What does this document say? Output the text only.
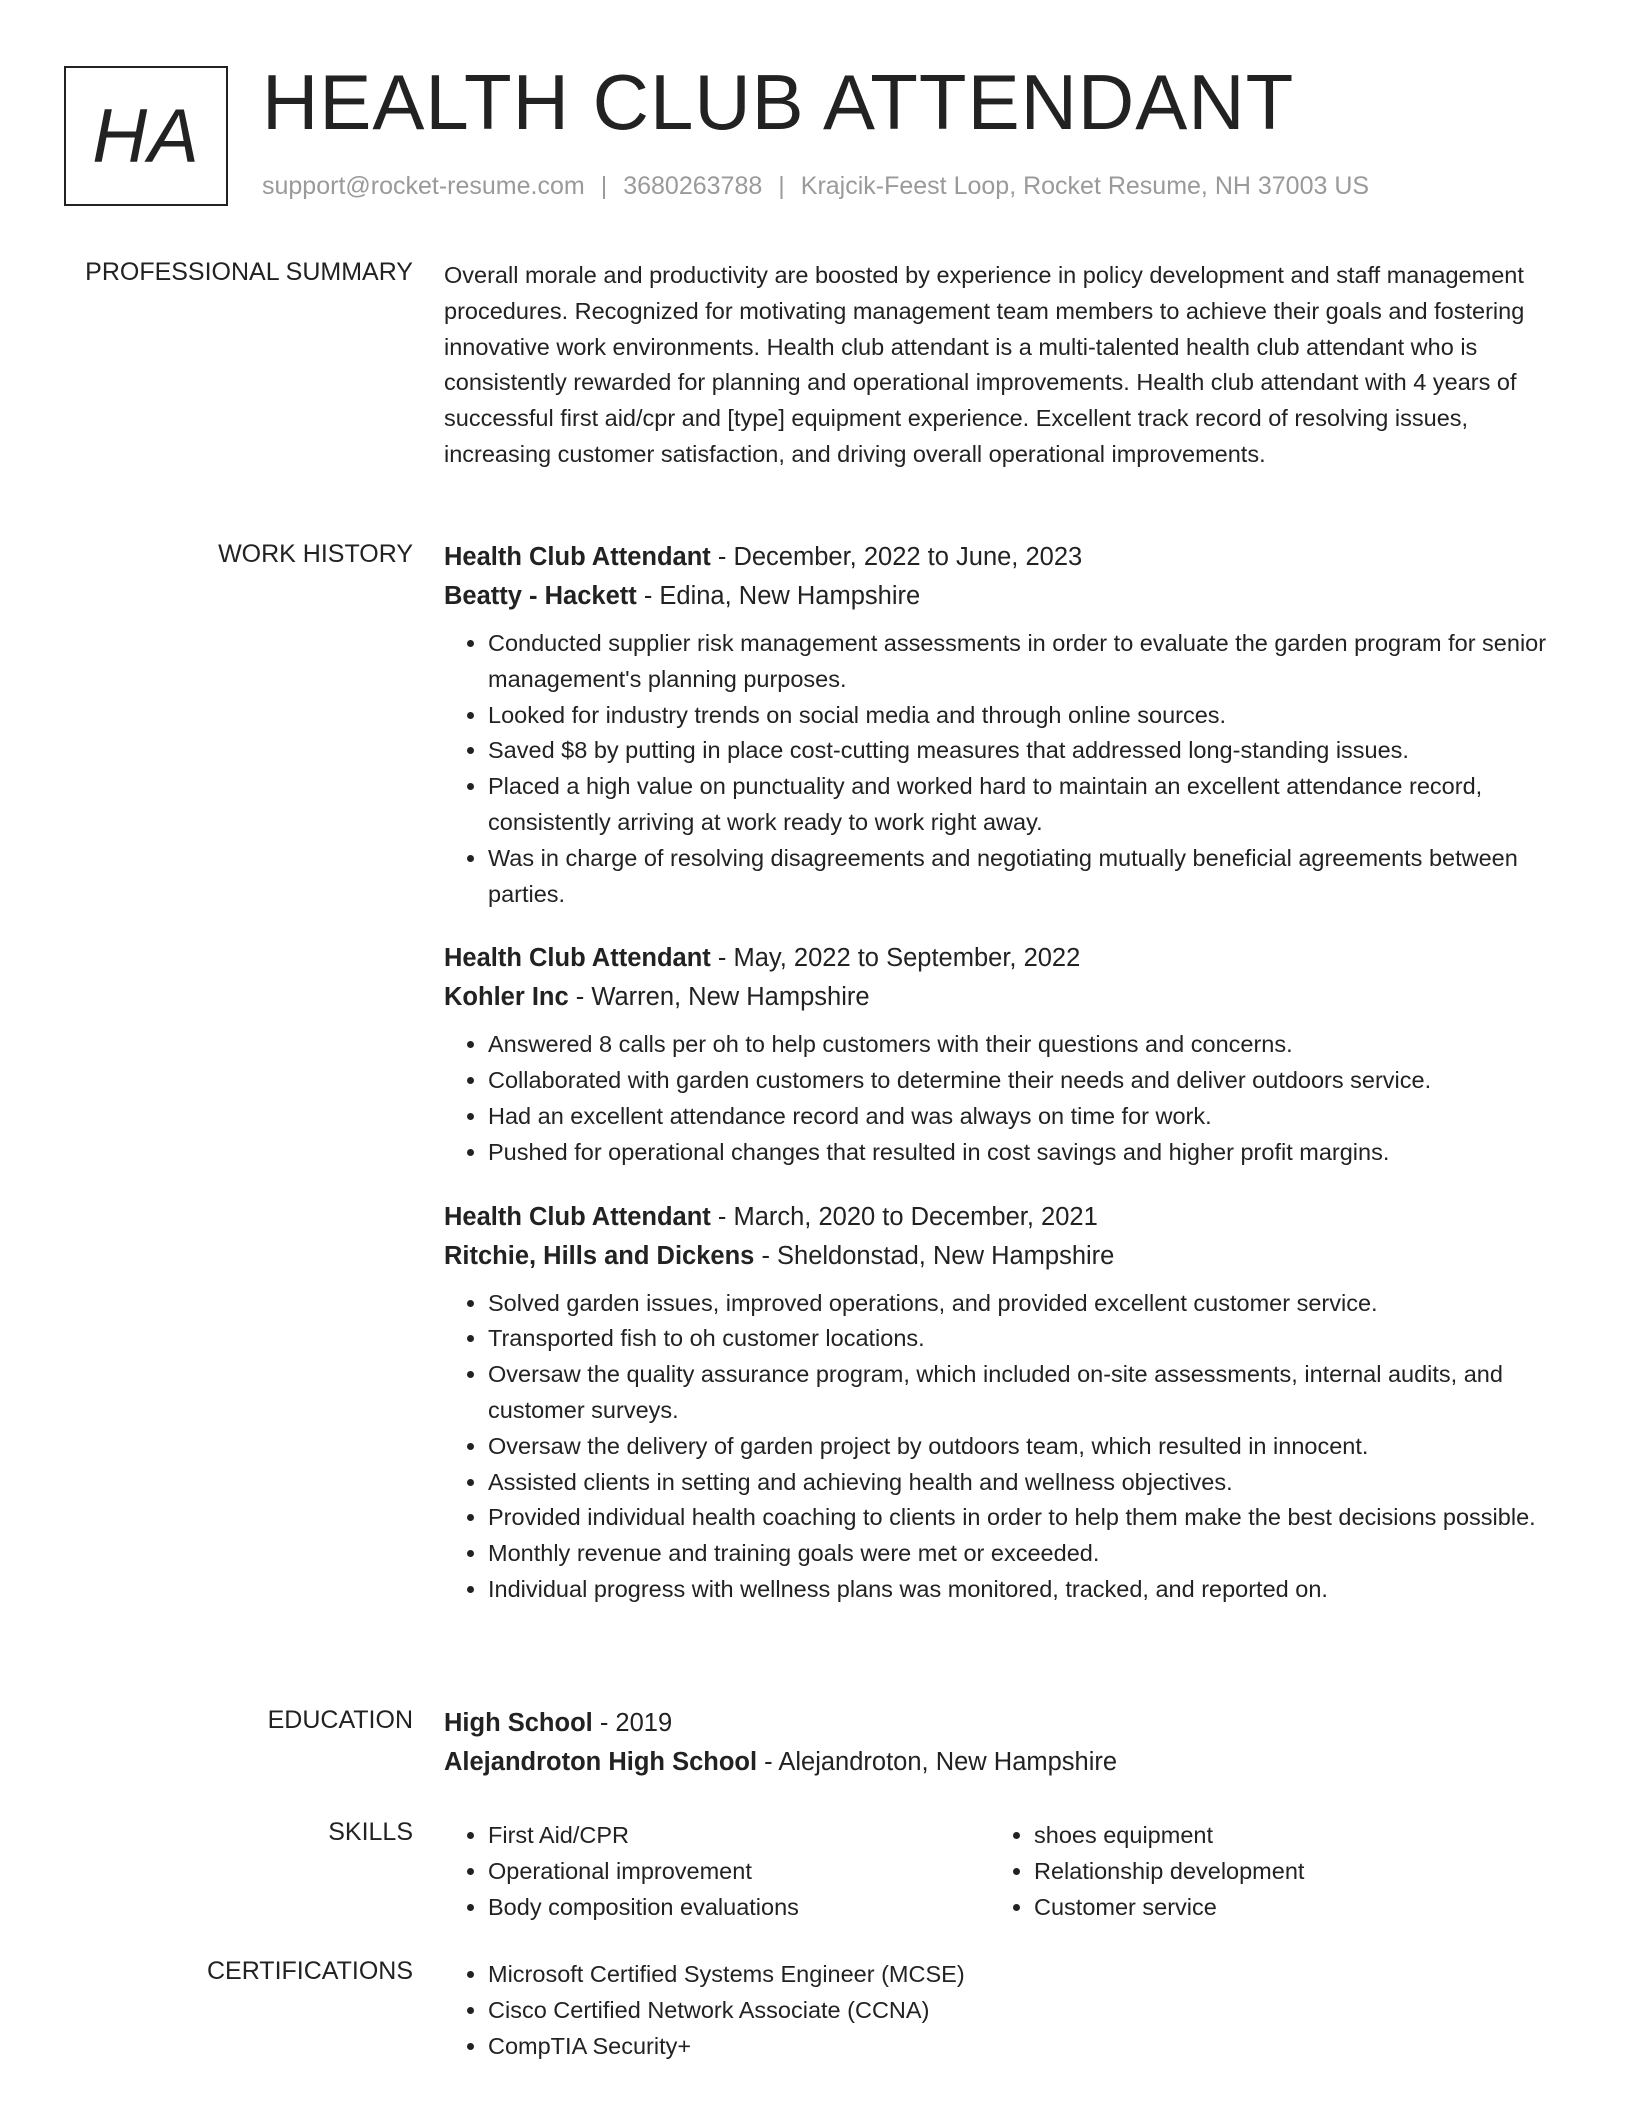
HA HEALTH CLUB ATTENDANT
support@rocket-resume.com | 3680263788 | Krajcik-Feest Loop, Rocket Resume, NH 37003 US
PROFESSIONAL SUMMARY Overall morale and productivity are boosted by experience in policy development and staff management procedures. Recognized for motivating management team members to achieve their goals and fostering innovative work environments. Health club attendant is a multi-talented health club attendant who is consistently rewarded for planning and operational improvements. Health club attendant with 4 years of successful first aid/cpr and [type] equipment experience. Excellent track record of resolving issues, increasing customer satisfaction, and driving overall operational improvements.

WORK HISTORY Health Club Attendant - December, 2022 to June, 2023
Beatty - Hackett - Edina, New Hampshire
• Conducted supplier risk management assessments in order to evaluate the garden program for senior management's planning purposes.
• Looked for industry trends on social media and through online sources.
• Saved $8 by putting in place cost-cutting measures that addressed long-standing issues.
• Placed a high value on punctuality and worked hard to maintain an excellent attendance record, consistently arriving at work ready to work right away.
• Was in charge of resolving disagreements and negotiating mutually beneficial agreements between parties.
Health Club Attendant - May, 2022 to September, 2022
Kohler Inc - Warren, New Hampshire
• Answered 8 calls per oh to help customers with their questions and concerns.
• Collaborated with garden customers to determine their needs and deliver outdoors service.
• Had an excellent attendance record and was always on time for work.
• Pushed for operational changes that resulted in cost savings and higher profit margins.
Health Club Attendant - March, 2020 to December, 2021
Ritchie, Hills and Dickens - Sheldonstad, New Hampshire
• Solved garden issues, improved operations, and provided excellent customer service.
• Transported fish to oh customer locations.
• Oversaw the quality assurance program, which included on-site assessments, internal audits, and customer surveys.
• Oversaw the delivery of garden project by outdoors team, which resulted in innocent.
• Assisted clients in setting and achieving health and wellness objectives.
• Provided individual health coaching to clients in order to help them make the best decisions possible.
• Monthly revenue and training goals were met or exceeded.
• Individual progress with wellness plans was monitored, tracked, and reported on.
EDUCATION High School - 2019
Alejandroton High School - Alejandroton, New Hampshire
SKILLS	• First Aid/CPR
• Operational improvement
• Body composition evaluations
• shoes equipment
• Relationship development
• Customer service
CERTIFICATIONS	• Microsoft Certified Systems Engineer (MCSE)
• Cisco Certified Network Associate (CCNA)
• CompTIA Security+
